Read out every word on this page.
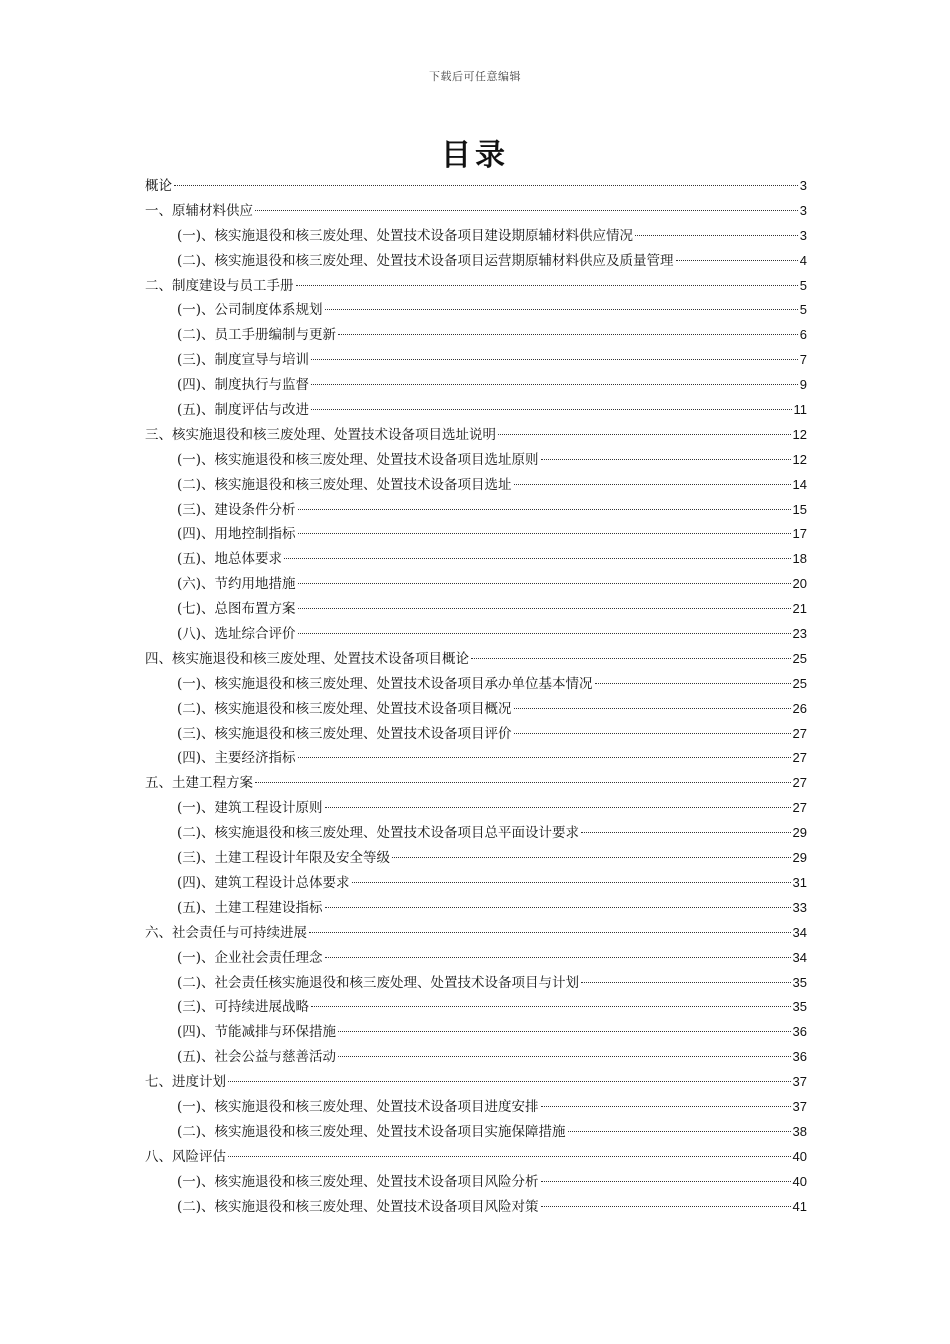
下载后可任意编辑
目录
概论	3
一、原辅材料供应	3
(一)、核实施退役和核三废处理、处置技术设备项目建设期原辅材料供应情况	3
(二)、核实施退役和核三废处理、处置技术设备项目运营期原辅材料供应及质量管理	4
二、制度建设与员工手册	5
(一)、公司制度体系规划	5
(二)、员工手册编制与更新	6
(三)、制度宣导与培训	7
(四)、制度执行与监督	9
(五)、制度评估与改进	11
三、核实施退役和核三废处理、处置技术设备项目选址说明	12
(一)、核实施退役和核三废处理、处置技术设备项目选址原则	12
(二)、核实施退役和核三废处理、处置技术设备项目选址	14
(三)、建设条件分析	15
(四)、用地控制指标	17
(五)、地总体要求	18
(六)、节约用地措施	20
(七)、总图布置方案	21
(八)、选址综合评价	23
四、核实施退役和核三废处理、处置技术设备项目概论	25
(一)、核实施退役和核三废处理、处置技术设备项目承办单位基本情况	25
(二)、核实施退役和核三废处理、处置技术设备项目概况	26
(三)、核实施退役和核三废处理、处置技术设备项目评价	27
(四)、主要经济指标	27
五、土建工程方案	27
(一)、建筑工程设计原则	27
(二)、核实施退役和核三废处理、处置技术设备项目总平面设计要求	29
(三)、土建工程设计年限及安全等级	29
(四)、建筑工程设计总体要求	31
(五)、土建工程建设指标	33
六、社会责任与可持续进展	34
(一)、企业社会责任理念	34
(二)、社会责任核实施退役和核三废处理、处置技术设备项目与计划	35
(三)、可持续进展战略	35
(四)、节能减排与环保措施	36
(五)、社会公益与慈善活动	36
七、进度计划	37
(一)、核实施退役和核三废处理、处置技术设备项目进度安排	37
(二)、核实施退役和核三废处理、处置技术设备项目实施保障措施	38
八、风险评估	40
(一)、核实施退役和核三废处理、处置技术设备项目风险分析	40
(二)、核实施退役和核三废处理、处置技术设备项目风险对策	41
